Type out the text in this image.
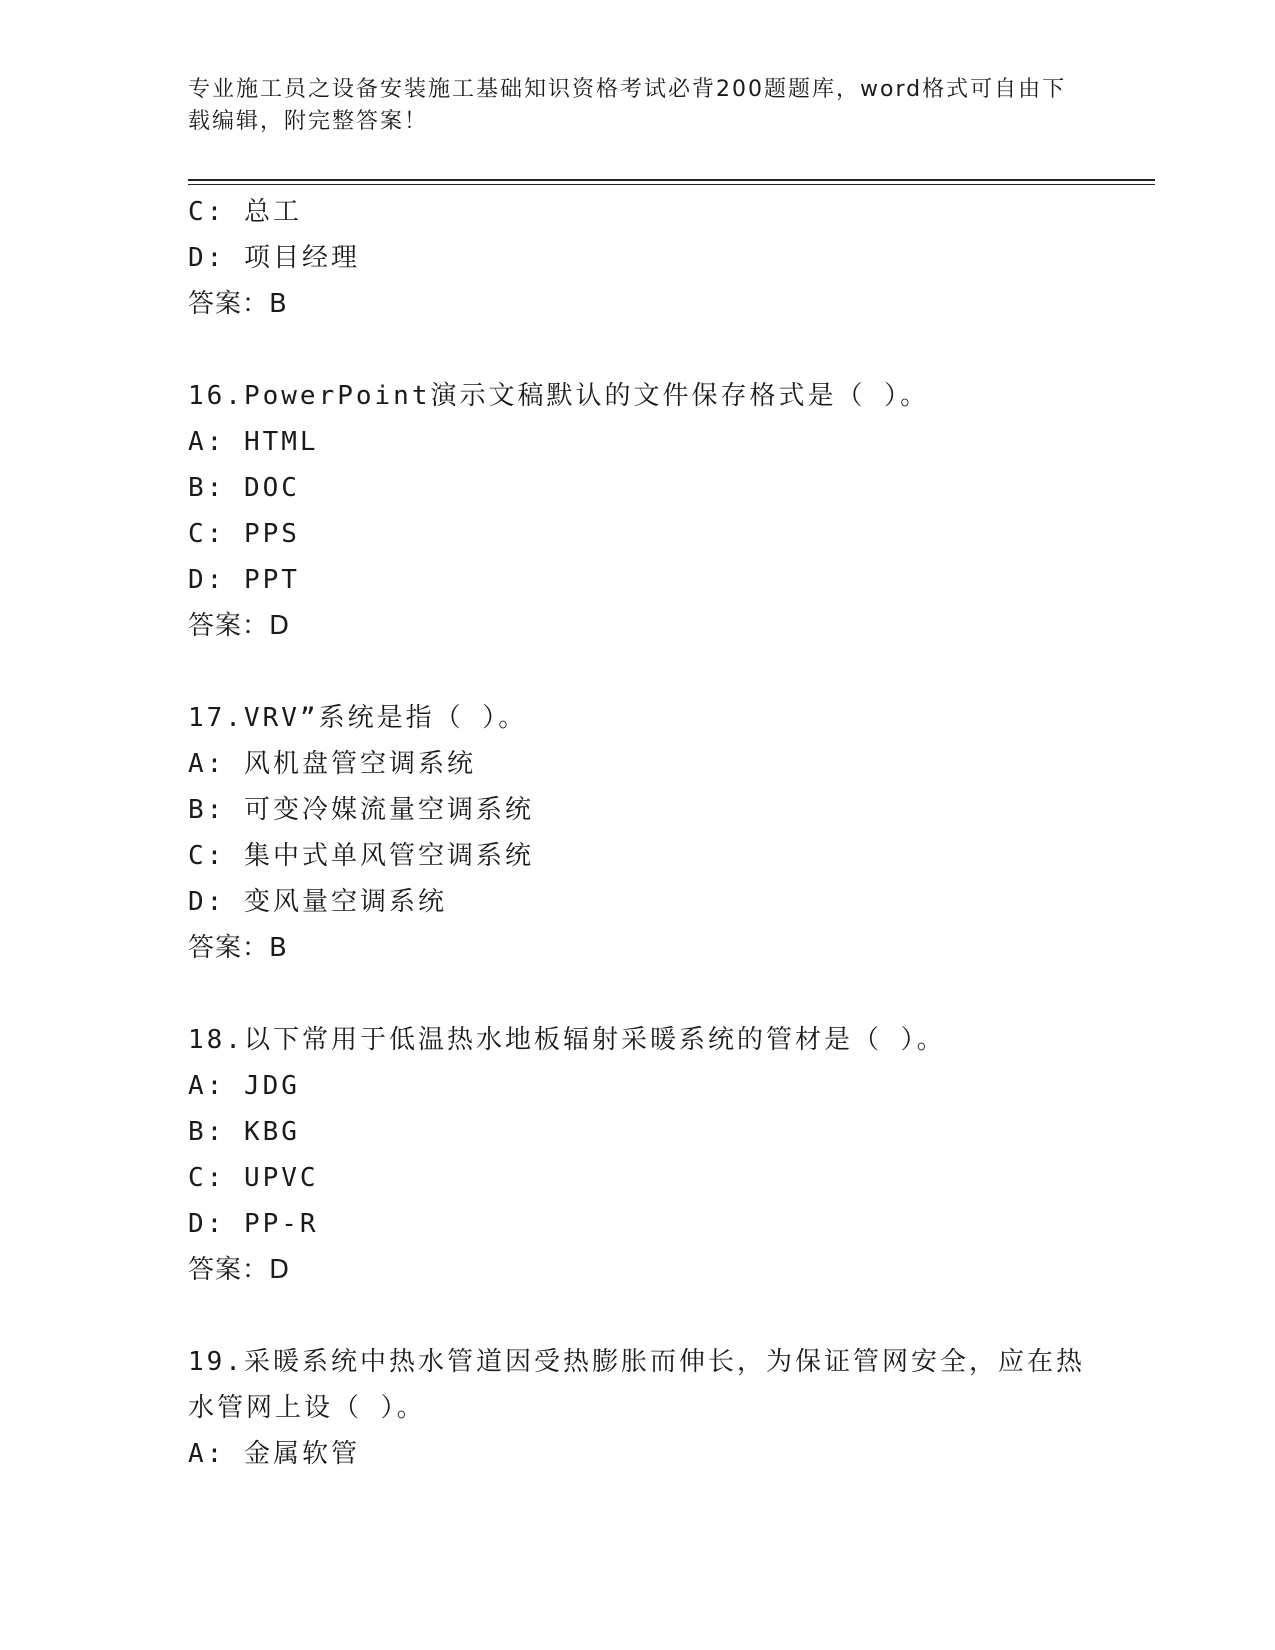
专业施工员之设备安装施工基础知识资格考试必背200题题库，word格式可自由下载编辑，附完整答案！
C: 总工
D: 项目经理
答案：B
16.PowerPoint演示文稿默认的文件保存格式是（ ）。
A: HTML
B: DOC
C: PPS
D: PPT
答案：D
17.VRV”系统是指（ ）。
A: 风机盘管空调系统
B: 可变冷媒流量空调系统
C: 集中式单风管空调系统
D: 变风量空调系统
答案：B
18.以下常用于低温热水地板辐射采暖系统的管材是（ ）。
A: JDG
B: KBG
C: UPVC
D: PP-R
答案：D
19.采暖系统中热水管道因受热膨胀而伸长，为保证管网安全，应在热水管网上设（ ）。
A: 金属软管
